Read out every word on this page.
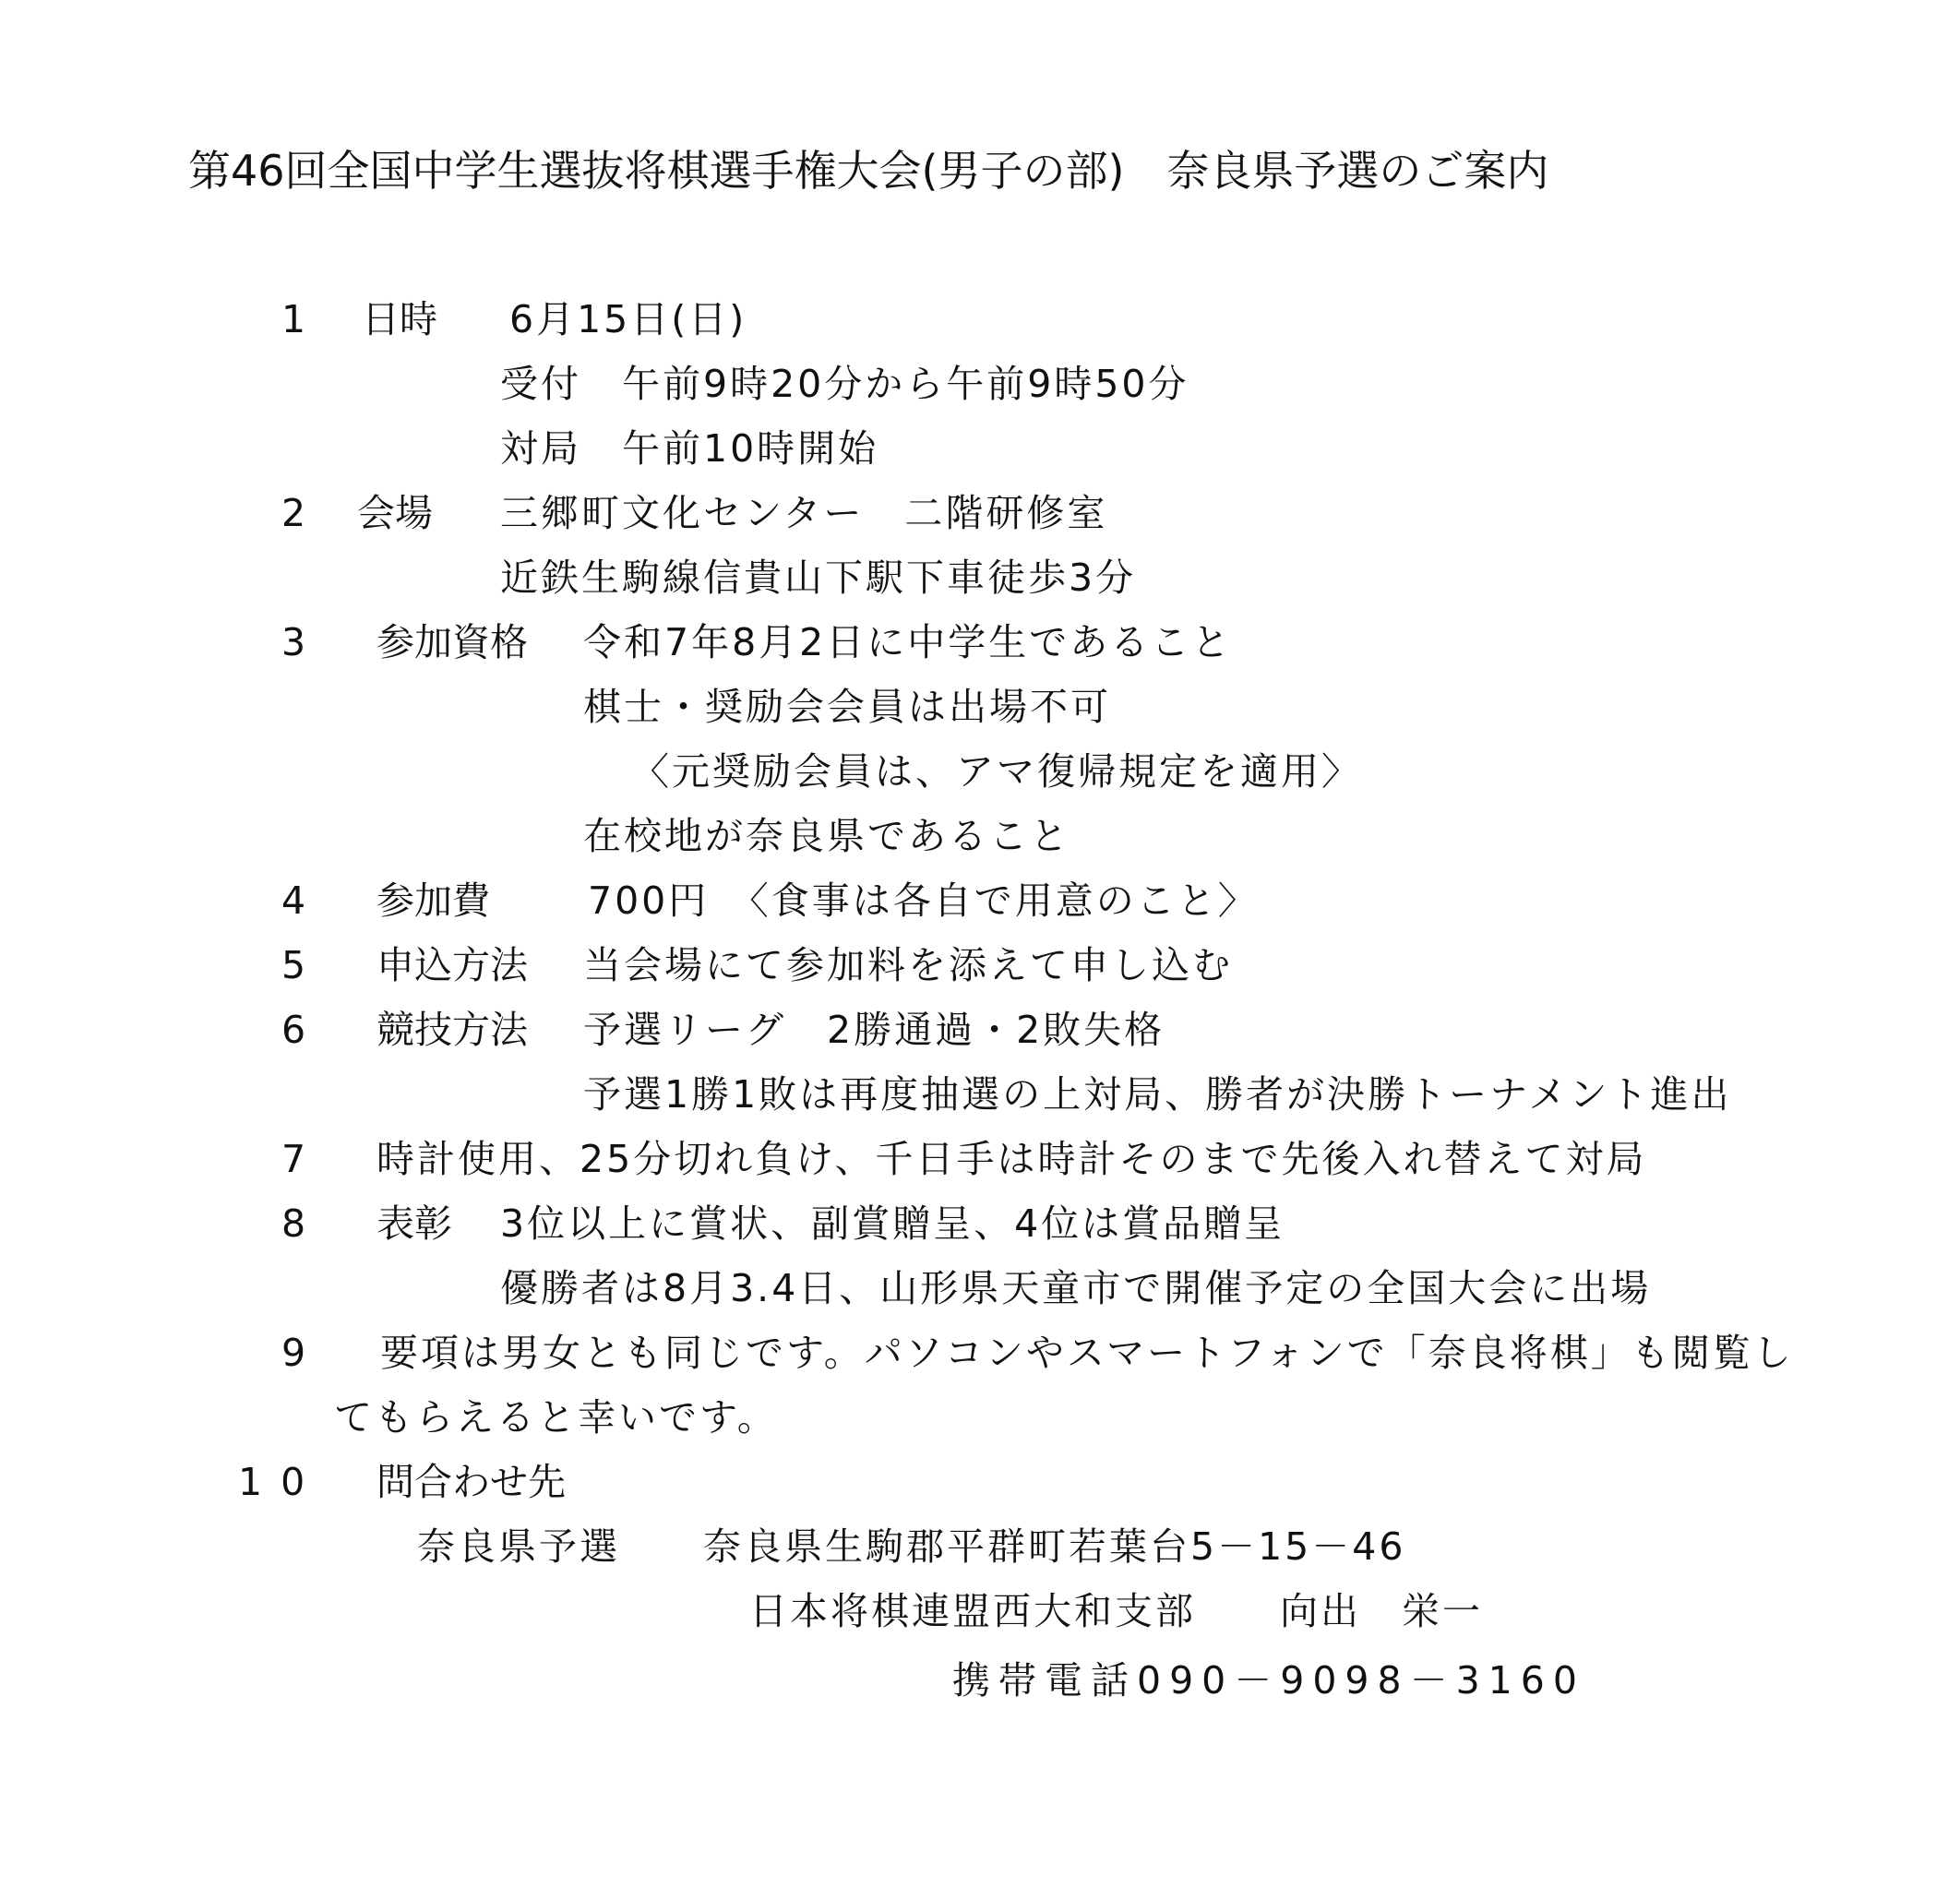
第46回全国中学生選抜将棋選手権大会(男子の部)　奈良県予選のご案内
1 日時 6月15日(日)
受付　午前9時20分から午前9時50分
対局　午前10時開始
2 会場 三郷町文化センター　二階研修室
近鉄生駒線信貴山下駅下車徒歩3分
3 参加資格 令和7年8月2日に中学生であること
棋士・奨励会会員は出場不可
〈元奨励会員は、アマ復帰規定を適用〉
在校地が奈良県であること
4 参加費	700円　〈食事は各自で用意のこと〉
5 申込方法 当会場にて参加料を添えて申し込む
6 競技方法 予選リーグ　2勝通過・2敗失格
予選1勝1敗は再度抽選の上対局、勝者が決勝トーナメント進出
7 時計使用、25分切れ負け、千日手は時計そのまで先後入れ替えて対局
8 表彰 3位以上に賞状、副賞贈呈、4位は賞品贈呈
優勝者は8月3.4日、山形県天童市で開催予定の全国大会に出場
9 要項は男女とも同じです。パソコンやスマートフォンで「奈良将棋」も閲覧し
てもらえると幸いです。
10 問合わせ先
奈良県予選 奈良県生駒郡平群町若葉台5－15－46
日本将棋連盟西大和支部 向出　栄一
携帯電話090－9098－3160
